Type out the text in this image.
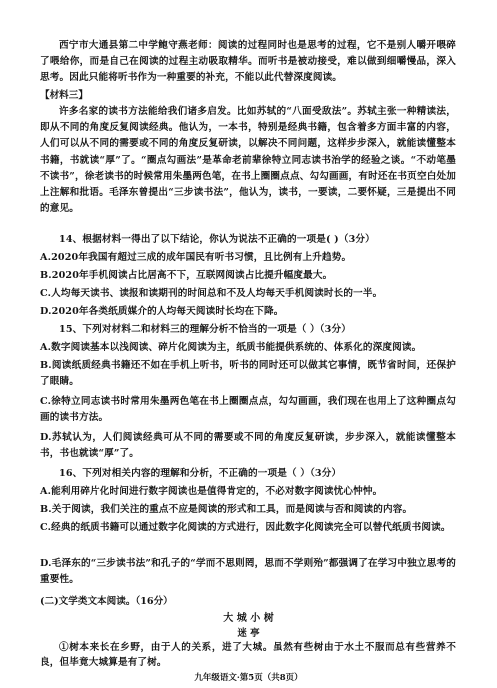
西宁市大通县第二中学鲍守燕老师：阅读的过程同时也是思考的过程，它不是别人嚼开喂碎了喂给你，而是自己在阅读的过程主动吸取精华。而听书是被动接受，难以做到细嚼慢品，深入思考。因此只能将听书作为一种重要的补充，不能以此代替深度阅读。

【材料三】

许多名家的读书方法能给我们诸多启发。比如苏轼的“八面受敌法”。苏轼主张一种精读法，即从不同的角度反复阅读经典。他认为，一本书，特别是经典书籍，包含着多方面丰富的内容，人们可以从不同的需要或不同的角度反复研读，以解决不同问题，这样步步深入，就能读懂整本书籍，书就读“厚”了。“圈点勾画法”是革命老前辈徐特立同志读书治学的经验之谈。“不动笔墨不读书”，徐老读书的时候常用朱墨两色笔，在书上圈圈点点、勾勾画画，有时还在书页空白处加上注解和批语。毛泽东曾提出“三步读书法”，他认为，读书，一要读，二要怀疑，三是提出不同的意见。

14、根据材料一得出了以下结论，你认为说法不正确的一项是( )（3分）

A.2020年我国有超过三成的成年国民有听书习惯，且比例有上升趋势。

B.2020年手机阅读占比居高不下，互联网阅读占比提升幅度最大。

C.人均每天读书、读报和读期刊的时间总和不及人均每天手机阅读时长的一半。

D.2020年各类纸质媒介的人均每天阅读时长均在下降。

15、下列对材料二和材料三的理解分析不恰当的一项是（ ）（3分）

A.数字阅读基本以浅阅读、碎片化阅读为主，纸质书能提供系统的、体系化的深度阅读。

B.阅读纸质经典书籍还不如在手机上听书，听书的同时还可以做其它事情，既节省时间，还保护了眼睛。

C.徐特立同志读书时常用朱墨两色笔在书上圈圈点点，勾勾画画，我们现在也用上了这种圈点勾画的读书方法。

D.苏轼认为，人们阅读经典可从不同的需要或不同的角度反复研读，步步深入，就能读懂整本书，书也就读“厚”了。

16、下列对相关内容的理解和分析，不正确的一项是（ ）（3分）

A.能利用碎片化时间进行数字阅读也是值得肯定的，不必对数字阅读忧心忡忡。

B.关于阅读，我们关注的重点不应是阅读的形式和工具，而是阅读与否和阅读的内容。

C.经典的纸质书籍可以通过数字化阅读的方式进行，因此数字化阅读完全可以替代纸质书阅读。

D.毛泽东的“三步读书法”和孔子的“学而不思则罔，思而不学则殆”都强调了在学习中独立思考的重要性。

(二)文学类文本阅读。（16分）

大 城 小 树

迷 亭

①树本来长在乡野，由于人的关系，进了大城。虽然有些树由于水土不服而总有些营养不良，但毕竟大城算是有了树。

九年级语文·第5页（共8页）
